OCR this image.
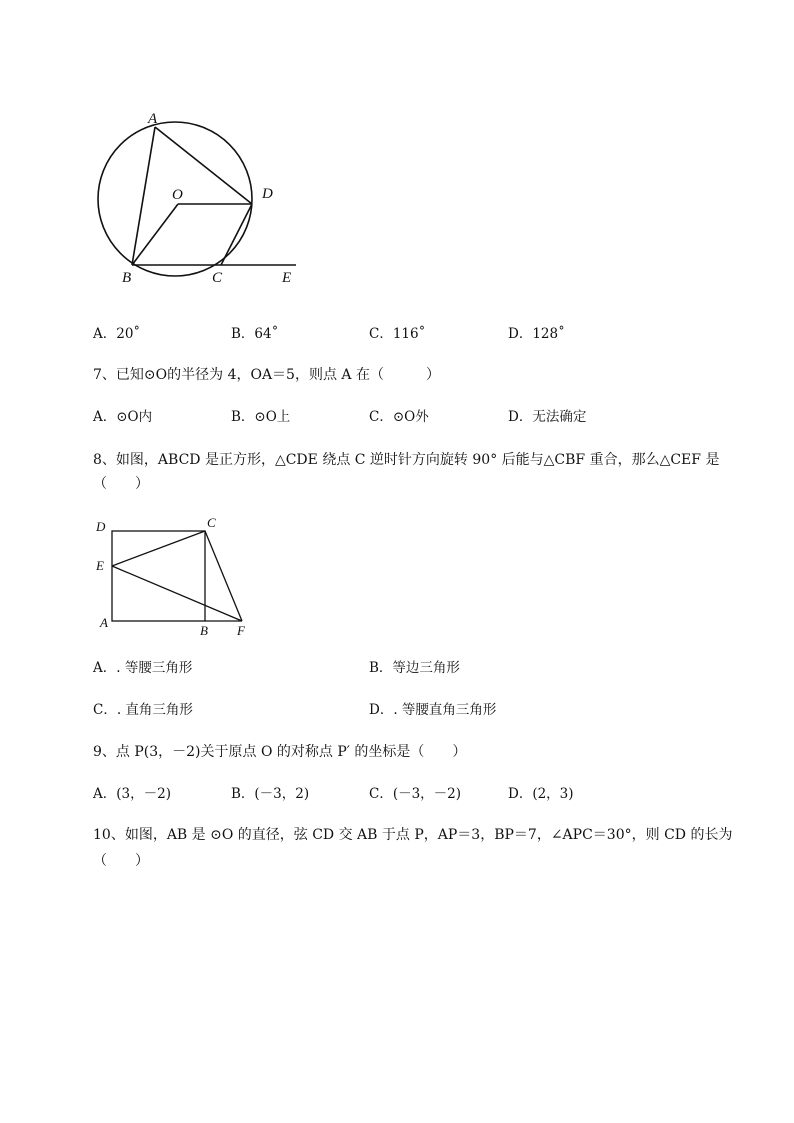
A
O	D
B	C	E
A．20˚	B．64˚	C．116˚	D．128˚
7、已知⊙O的半径为 4，OA＝5，则点 A 在（　　　）
A．⊙O内	B．⊙O上	C．⊙O外	D．无法确定
8、如图，ABCD 是正方形，△CDE 绕点 C 逆时针方向旋转 90° 后能与△CBF 重合，那么△CEF 是
（　　）
D	C
E
A
B F
A．. 等腰三角形	B．等边三角形
C．. 直角三角形	D．. 等腰直角三角形
9、点 P(3，－2)关于原点 O 的对称点 P′ 的坐标是（　　）
A．(3，－2)	B．(－3，2)	C．(－3，－2)	D．(2，3)
10、如图，AB 是 ⊙O 的直径，弦 CD 交 AB 于点 P，AP＝3，BP＝7，∠APC＝30°，则 CD 的长为
（　　）
